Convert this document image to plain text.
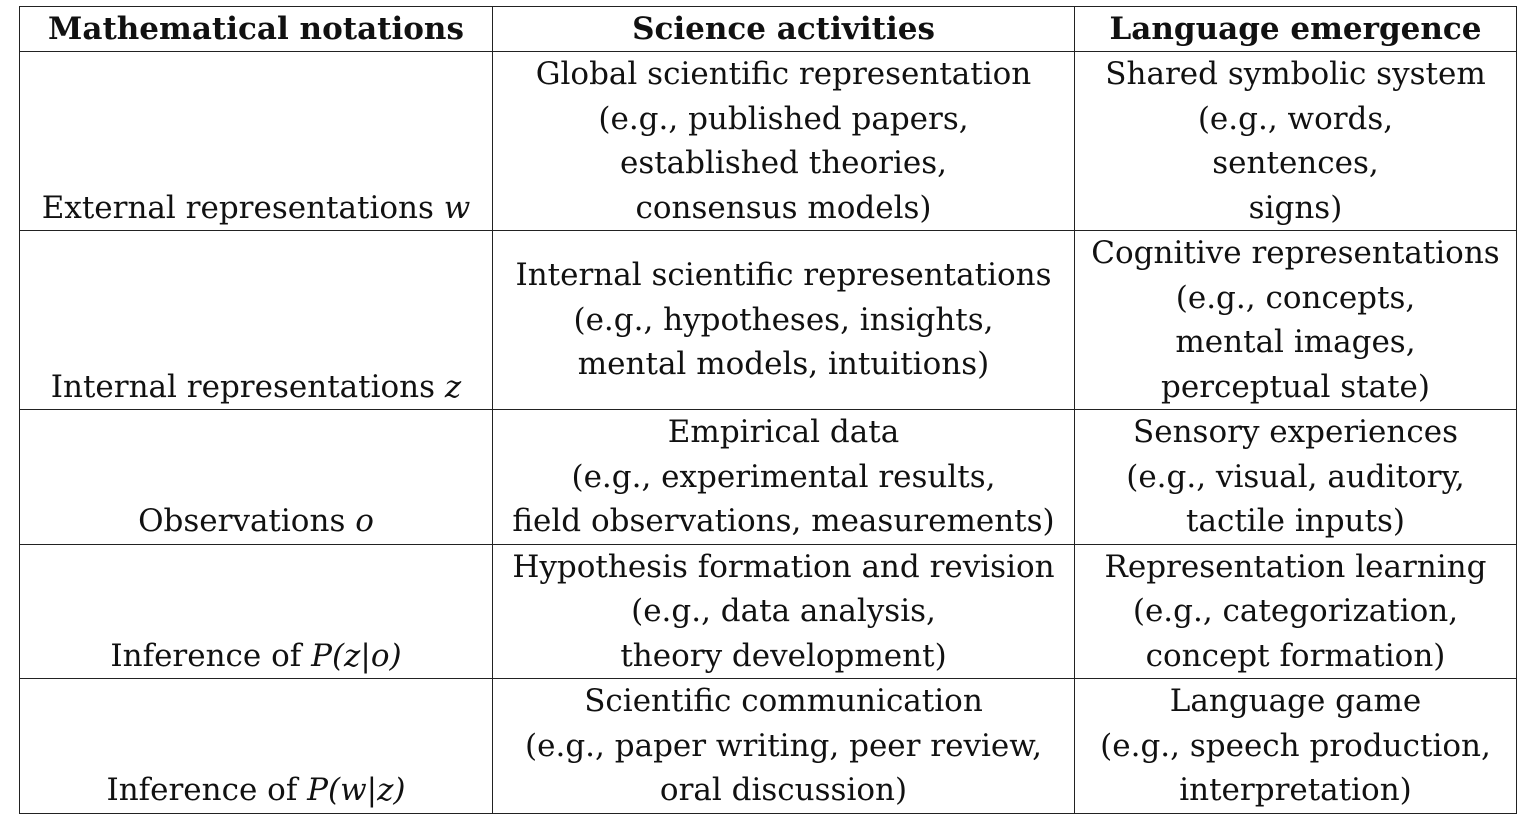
Mathematical notations	Science activities	Language emergence
External representations w	Global scientific representation
(e.g., published papers,
established theories,
consensus models)	Shared symbolic system
(e.g., words,
sentences,
signs)

Internal representations z	Internal scientific representations
(e.g., hypotheses, insights,
mental models, intuitions)	Cognitive representations
(e.g., concepts,
mental images,
perceptual state)

Observations o	Empirical data
(e.g., experimental results,
field observations, measurements)	Sensory experiences
(e.g., visual, auditory,
tactile inputs)

Inference of P(z|o)	Hypothesis formation and revision
(e.g., data analysis,
theory development)	Representation learning
(e.g., categorization,
concept formation)

Inference of P(w|z)	Scientific communication
(e.g., paper writing, peer review,
oral discussion)	Language game
(e.g., speech production,
interpretation)
